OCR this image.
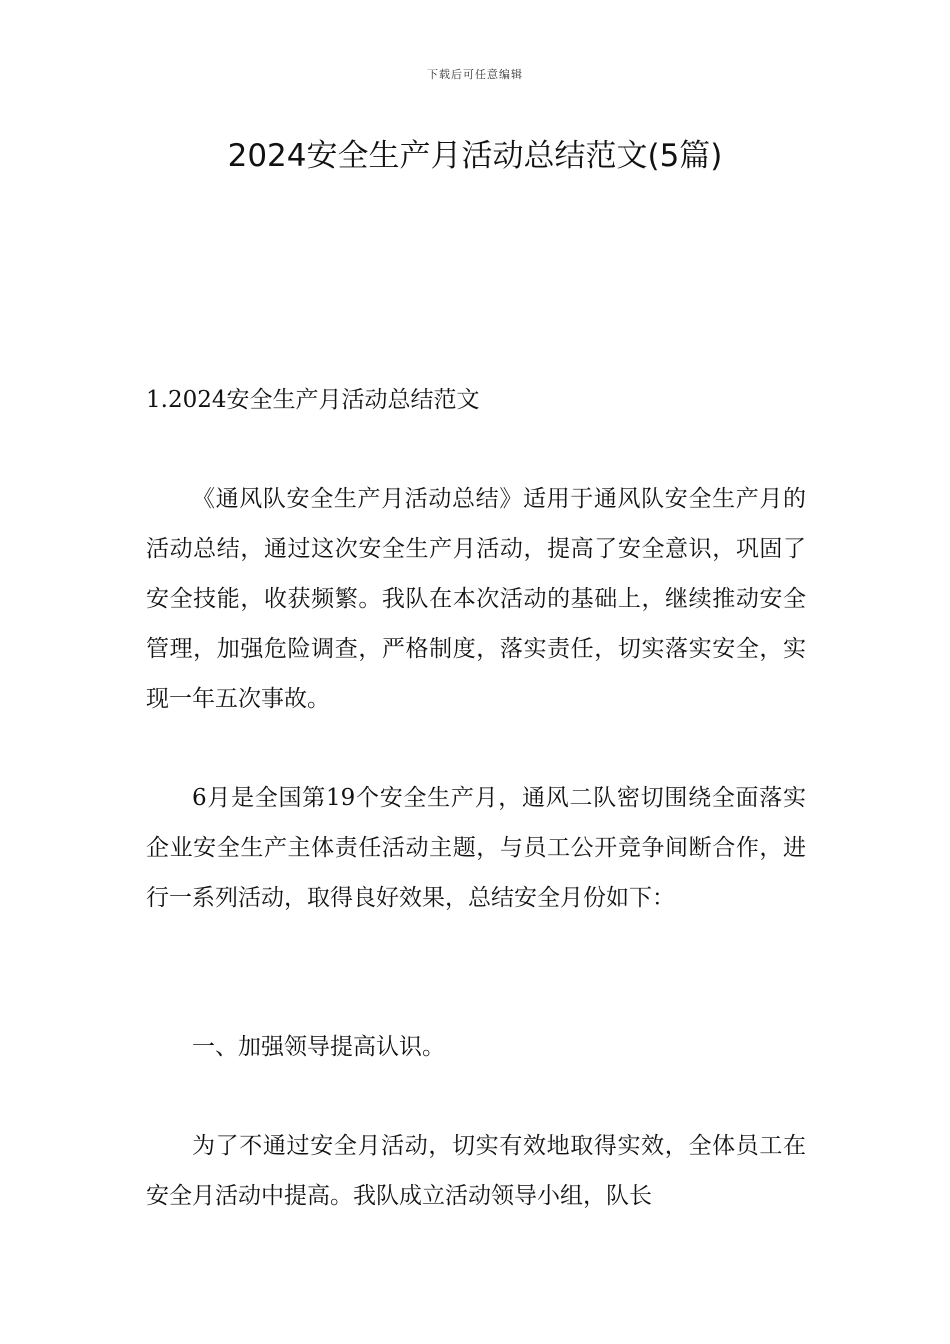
下载后可任意编辑
2024安全生产月活动总结范文(5篇)
1.2024安全生产月活动总结范文

《通风队安全生产月活动总结》适用于通风队安全生产月的活动总结，通过这次安全生产月活动，提高了安全意识，巩固了安全技能，收获频繁。我队在本次活动的基础上，继续推动安全管理，加强危险调查，严格制度，落实责任，切实落实安全，实现一年五次事故。

6月是全国第19个安全生产月，通风二队密切围绕全面落实企业安全生产主体责任活动主题，与员工公开竞争间断合作，进行一系列活动，取得良好效果，总结安全月份如下：

一、加强领导提高认识。

为了不通过安全月活动，切实有效地取得实效，全体员工在安全月活动中提高。我队成立活动领导小组，队长
